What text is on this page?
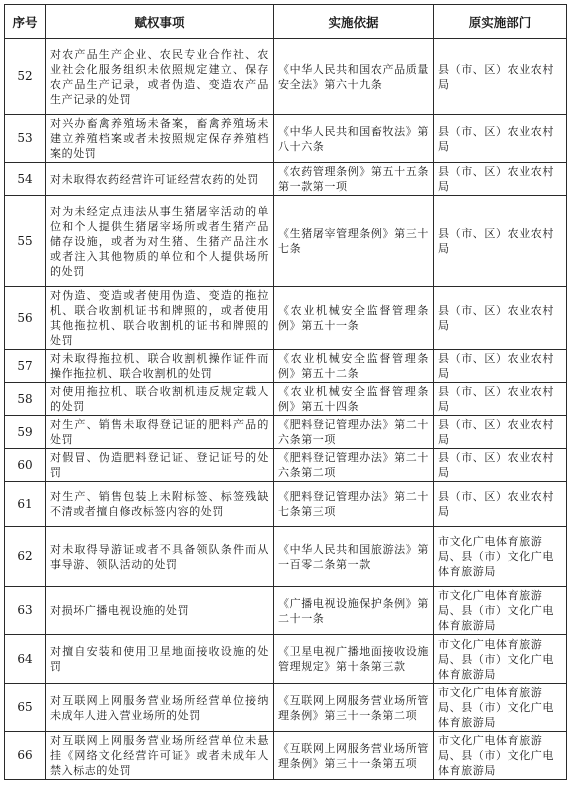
序号	赋权事项	实施依据	原实施部门
52	对农产品生产企业、农民专业合作社、农业社会化服务组织未依照规定建立、保存农产品生产记录，或者伪造、变造农产品生产记录的处罚	《中华人民共和国农产品质量安全法》第六十九条	县（市、区）农业农村局
53	对兴办畜禽养殖场未备案，畜禽养殖场未建立养殖档案或者未按照规定保存养殖档案的处罚	《中华人民共和国畜牧法》第八十六条	县（市、区）农业农村局
54	对未取得农药经营许可证经营农药的处罚	《农药管理条例》第五十五条第一款第一项	县（市、区）农业农村局
55	对为未经定点违法从事生猪屠宰活动的单位和个人提供生猪屠宰场所或者生猪产品储存设施，或者为对生猪、生猪产品注水或者注入其他物质的单位和个人提供场所的处罚	《生猪屠宰管理条例》第三十七条	县（市、区）农业农村局
56	对伪造、变造或者使用伪造、变造的拖拉机、联合收割机证书和牌照的，或者使用其他拖拉机、联合收割机的证书和牌照的处罚	《农业机械安全监督管理条例》第五十一条	县（市、区）农业农村局
57	对未取得拖拉机、联合收割机操作证件而操作拖拉机、联合收割机的处罚	《农业机械安全监督管理条例》第五十二条	县（市、区）农业农村局
58	对使用拖拉机、联合收割机违反规定载人的处罚	《农业机械安全监督管理条例》第五十四条	县（市、区）农业农村局
59	对生产、销售未取得登记证的肥料产品的处罚	《肥料登记管理办法》第二十六条第一项	县（市、区）农业农村局
60	对假冒、伪造肥料登记证、登记证号的处罚	《肥料登记管理办法》第二十六条第二项	县（市、区）农业农村局
61	对生产、销售包装上未附标签、标签残缺不清或者擅自修改标签内容的处罚	《肥料登记管理办法》第二十七条第三项	县（市、区）农业农村局
62	对未取得导游证或者不具备领队条件而从事导游、领队活动的处罚	《中华人民共和国旅游法》第一百零二条第一款	市文化广电体育旅游局、县（市）文化广电体育旅游局
63	对损坏广播电视设施的处罚	《广播电视设施保护条例》第二十一条	市文化广电体育旅游局、县（市）文化广电体育旅游局
64	对擅自安装和使用卫星地面接收设施的处罚	《卫星电视广播地面接收设施管理规定》第十条第三款	市文化广电体育旅游局、县（市）文化广电体育旅游局
65	对互联网上网服务营业场所经营单位接纳未成年人进入营业场所的处罚	《互联网上网服务营业场所管理条例》第三十一条第二项	市文化广电体育旅游局、县（市）文化广电体育旅游局
66	对互联网上网服务营业场所经营单位未悬挂《网络文化经营许可证》或者未成年人禁入标志的处罚	《互联网上网服务营业场所管理条例》第三十一条第五项	市文化广电体育旅游局、县（市）文化广电体育旅游局
